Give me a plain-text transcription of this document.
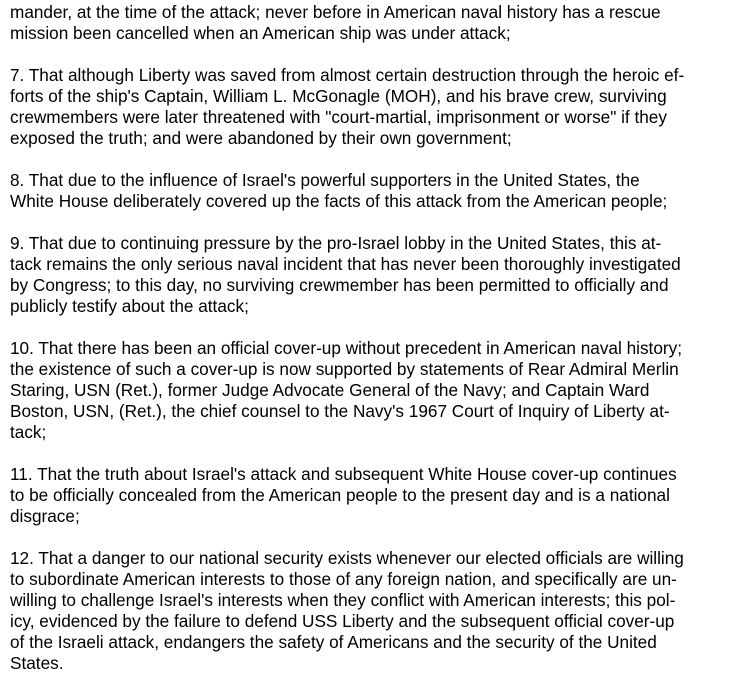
mander, at the time of the attack; never before in American naval history has a rescue
mission been cancelled when an American ship was under attack;

7. That although Liberty was saved from almost certain destruction through the heroic ef-
forts of the ship's Captain, William L. McGonagle (MOH), and his brave crew, surviving
crewmembers were later threatened with "court-martial, imprisonment or worse" if they
exposed the truth; and were abandoned by their own government;

8. That due to the influence of Israel's powerful supporters in the United States, the
White House deliberately covered up the facts of this attack from the American people;

9. That due to continuing pressure by the pro-Israel lobby in the United States, this at-
tack remains the only serious naval incident that has never been thoroughly investigated
by Congress; to this day, no surviving crewmember has been permitted to officially and
publicly testify about the attack;

10. That there has been an official cover-up without precedent in American naval history;
the existence of such a cover-up is now supported by statements of Rear Admiral Merlin
Staring, USN (Ret.), former Judge Advocate General of the Navy; and Captain Ward
Boston, USN, (Ret.), the chief counsel to the Navy's 1967 Court of Inquiry of Liberty at-
tack;

11. That the truth about Israel's attack and subsequent White House cover-up continues
to be officially concealed from the American people to the present day and is a national
disgrace;

12. That a danger to our national security exists whenever our elected officials are willing
to subordinate American interests to those of any foreign nation, and specifically are un-
willing to challenge Israel's interests when they conflict with American interests; this pol-
icy, evidenced by the failure to defend USS Liberty and the subsequent official cover-up
of the Israeli attack, endangers the safety of Americans and the security of the United
States.
